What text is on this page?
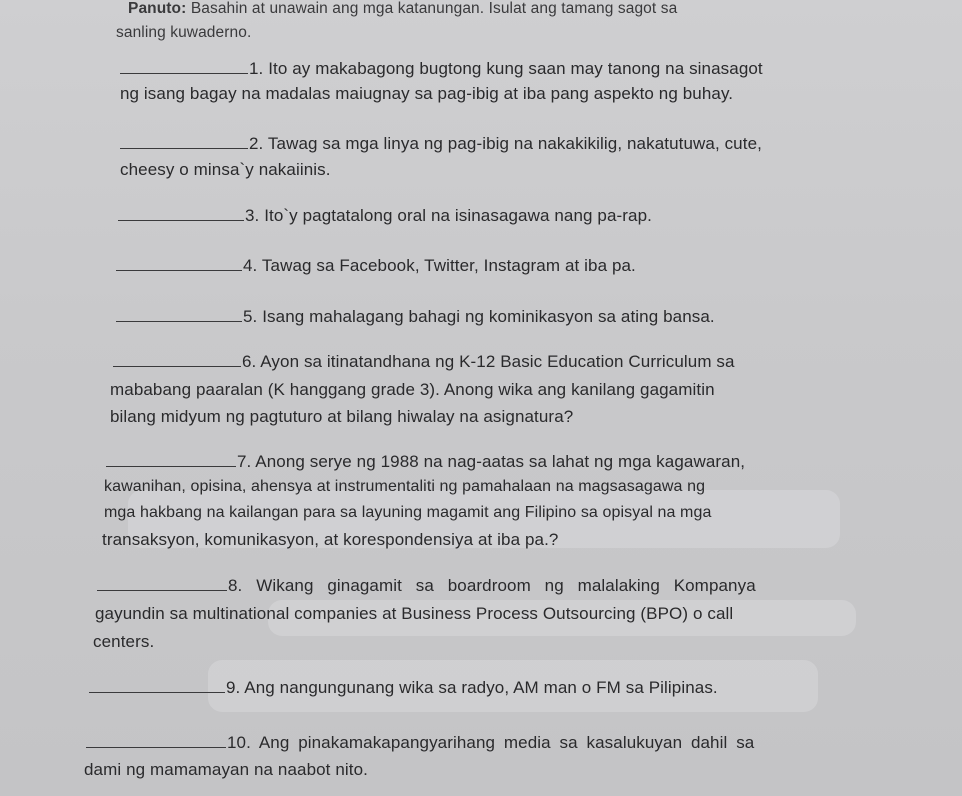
Panuto: Basahin at unawain ang mga katanungan. Isulat ang tamang sagot sa
sanling kuwaderno.
1. Ito ay makabagong bugtong kung saan may tanong na sinasagot
ng isang bagay na madalas maiugnay sa pag-ibig at iba pang aspekto ng buhay.
2. Tawag sa mga linya ng pag-ibig na nakakikilig, nakatutuwa, cute,
cheesy o minsa`y nakaiinis.
3. Ito`y pagtatalong oral na isinasagawa nang pa-rap.
4. Tawag sa Facebook, Twitter, Instagram at iba pa.
5. Isang mahalagang bahagi ng kominikasyon sa ating bansa.
6. Ayon sa itinatandhana ng K-12 Basic Education Curriculum sa
mababang paaralan (K hanggang grade 3). Anong wika ang kanilang gagamitin
bilang midyum ng pagtuturo at bilang hiwalay na asignatura?
7. Anong serye ng 1988 na nag-aatas sa lahat ng mga kagawaran,
kawanihan, opisina, ahensya at instrumentaliti ng pamahalaan na magsasagawa ng
mga hakbang na kailangan para sa layuning magamit ang Filipino sa opisyal na mga
transaksyon, komunikasyon, at korespondensiya at iba pa.?
8. Wikang ginagamit sa boardroom ng malalaking Kompanya
gayundin sa multinational companies at Business Process Outsourcing (BPO) o call
centers.
9. Ang nangungunang wika sa radyo, AM man o FM sa Pilipinas.
10. Ang pinakamakapangyarihang media sa kasalukuyan dahil sa
dami ng mamamayan na naabot nito.
